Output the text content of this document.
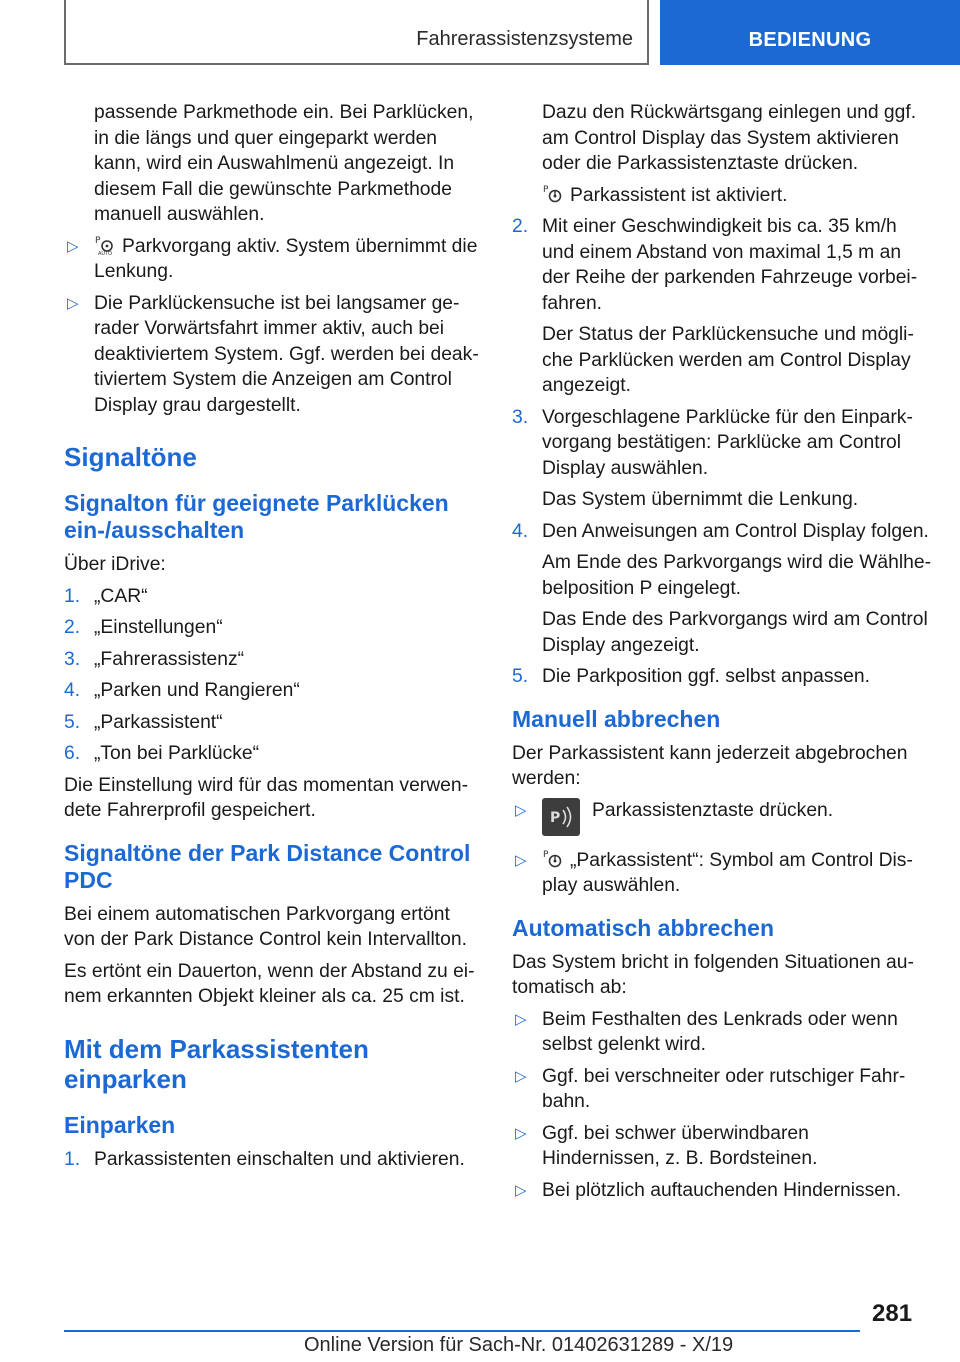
Fahrerassistenzsysteme	BEDIENUNG

passende Parkmethode ein. Bei Parklücken, in die längs und quer eingeparkt werden kann, wird ein Auswahlmenü angezeigt. In diesem Fall die gewünschte Parkmethode manuell auswählen.

▷ P
AUTO Parkvorgang aktiv. System übernimmt die Lenkung.
▷ Die Parklückensuche ist bei langsamer gerader Vorwärtsfahrt immer aktiv, auch bei deaktiviertem System. Ggf. werden bei deaktiviertem System die Anzeigen am Control Display grau dargestellt.
Signaltöne
Signalton für geeignete Parklücken ein-/ausschalten

Über iDrive:

1. „CAR“
2. „Einstellungen“
3. „Fahrerassistenz“
4. „Parken und Rangieren“
5. „Parkassistent“
6. „Ton bei Parklücke“

Die Einstellung wird für das momentan verwendete Fahrerprofil gespeichert.

Signaltöne der Park Distance Control PDC

Bei einem automatischen Parkvorgang ertönt von der Park Distance Control kein Intervallton.

Es ertönt ein Dauerton, wenn der Abstand zu einem erkannten Objekt kleiner als ca. 25 cm ist.

Mit dem Parkassistenten einparken
Einparken
1. Parkassistenten einschalten und aktivieren.

Dazu den Rückwärtsgang einlegen und ggf. am Control Display das System aktivieren oder die Parkassistenztaste drücken.

P Parkassistent ist aktiviert.

2. Mit einer Geschwindigkeit bis ca. 35 km/h und einem Abstand von maximal 1,5 m an der Reihe der parkenden Fahrzeuge vorbeifahren.

Der Status der Parklückensuche und mögliche Parklücken werden am Control Display angezeigt.

3. Vorgeschlagene Parklücke für den Einparkvorgang bestätigen: Parklücke am Control Display auswählen.

Das System übernimmt die Lenkung.

4. Den Anweisungen am Control Display folgen.

Am Ende des Parkvorgangs wird die Wählhebelposition P eingelegt.

Das Ende des Parkvorgangs wird am Control Display angezeigt.

5. Die Parkposition ggf. selbst anpassen.
Manuell abbrechen

Der Parkassistent kann jederzeit abgebrochen werden:

▷ P Parkassistenztaste drücken.
▷ P „Parkassistent“: Symbol am Control Display auswählen.
Automatisch abbrechen

Das System bricht in folgenden Situationen automatisch ab:

▷ Beim Festhalten des Lenkrads oder wenn selbst gelenkt wird.
▷ Ggf. bei verschneiter oder rutschiger Fahrbahn.
▷ Ggf. bei schwer überwindbaren Hindernissen, z. B. Bordsteinen.
▷ Bei plötzlich auftauchenden Hindernissen.
281
Online Version für Sach-Nr. 01402631289 - X/19
